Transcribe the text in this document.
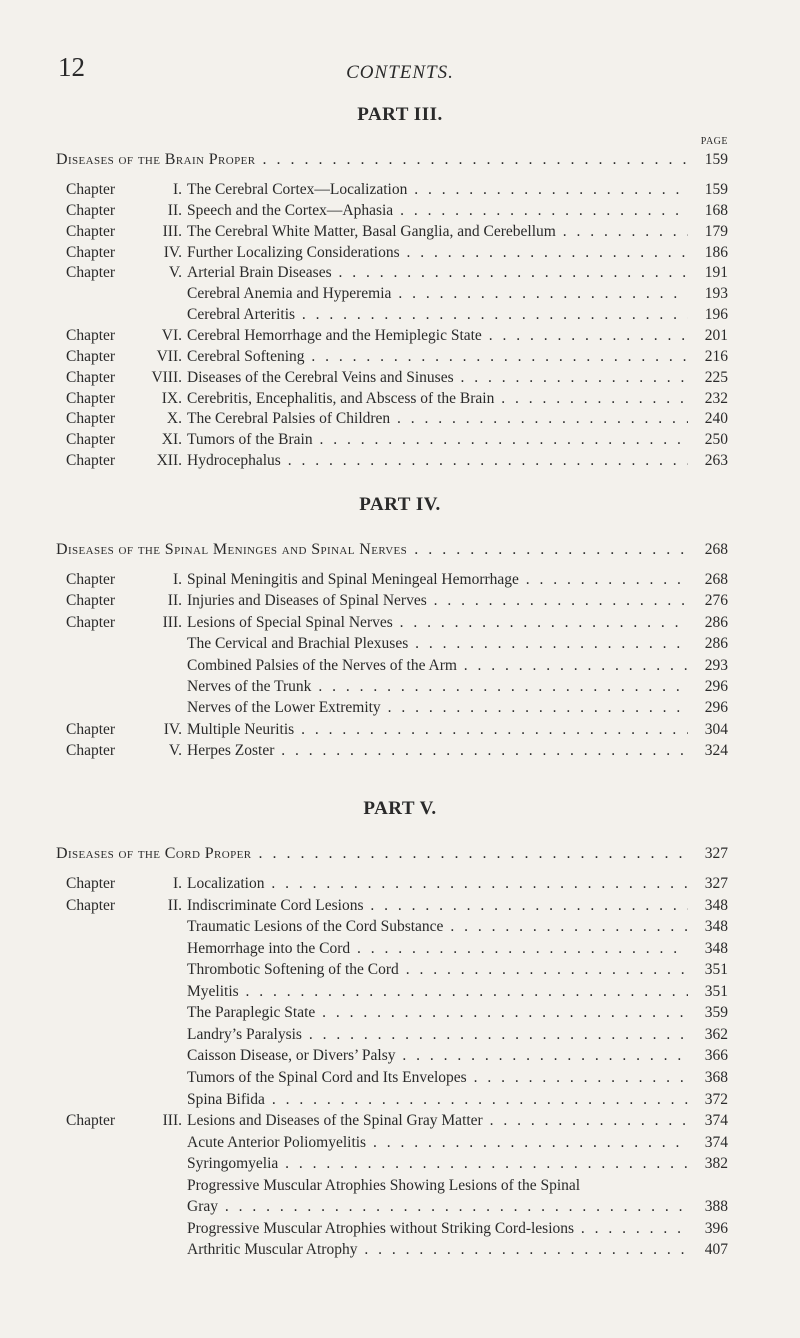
12	CONTENTS.
PAGE
PART III.
Diseases of the Brain Proper . . .	159
Chapter	I. The Cerebral Cortex—Localization . . .	159
Chapter	II. Speech and the Cortex—Aphasia . . .	168
Chapter	III. The Cerebral White Matter, Basal Ganglia, and Cerebellum . . .	179
Chapter	IV. Further Localizing Considerations . . .	186
Chapter	V. Arterial Brain Diseases . . .	191
Cerebral Anemia and Hyperemia . . .	193
Cerebral Arteritis . . .	196
Chapter	VI. Cerebral Hemorrhage and the Hemiplegic State . . .	201
Chapter	VII. Cerebral Softening . . .	216
Chapter	VIII. Diseases of the Cerebral Veins and Sinuses . . .	225
Chapter	IX. Cerebritis, Encephalitis, and Abscess of the Brain . . .	232
Chapter	X. The Cerebral Palsies of Children . . .	240
Chapter	XI. Tumors of the Brain . . .	250
Chapter	XII. Hydrocephalus . . .	263
PART IV.
Diseases of the Spinal Meninges and Spinal Nerves . . .	268
Chapter	I. Spinal Meningitis and Spinal Meningeal Hemorrhage . . .	268
Chapter	II. Injuries and Diseases of Spinal Nerves . . .	276
Chapter	III. Lesions of Special Spinal Nerves . . .	286
The Cervical and Brachial Plexuses . . .	286
Combined Palsies of the Nerves of the Arm . . .	293
Nerves of the Trunk . . .	296
Nerves of the Lower Extremity . . .	296
Chapter	IV. Multiple Neuritis . . .	304
Chapter	V. Herpes Zoster . . .	324
PART V.
Diseases of the Cord Proper . . .	327
Chapter	I. Localization . . .	327
Chapter	II. Indiscriminate Cord Lesions . . .	348
Traumatic Lesions of the Cord Substance . . .	348
Hemorrhage into the Cord . . .	348
Thrombotic Softening of the Cord . . .	351
Myelitis . . .	351
The Paraplegic State . . .	359
Landry’s Paralysis . . .	362
Caisson Disease, or Divers’ Palsy . . .	366
Tumors of the Spinal Cord and Its Envelopes . . .	368
Spina Bifida . . .	372
Chapter	III. Lesions and Diseases of the Spinal Gray Matter . . .	374
Acute Anterior Poliomyelitis . . .	374
Syringomyelia . . .	382
Progressive Muscular Atrophies Showing Lesions of the Spinal
Gray . . .	388
Progressive Muscular Atrophies without Striking Cord-lesions . . .	396
Arthritic Muscular Atrophy . . .	407
